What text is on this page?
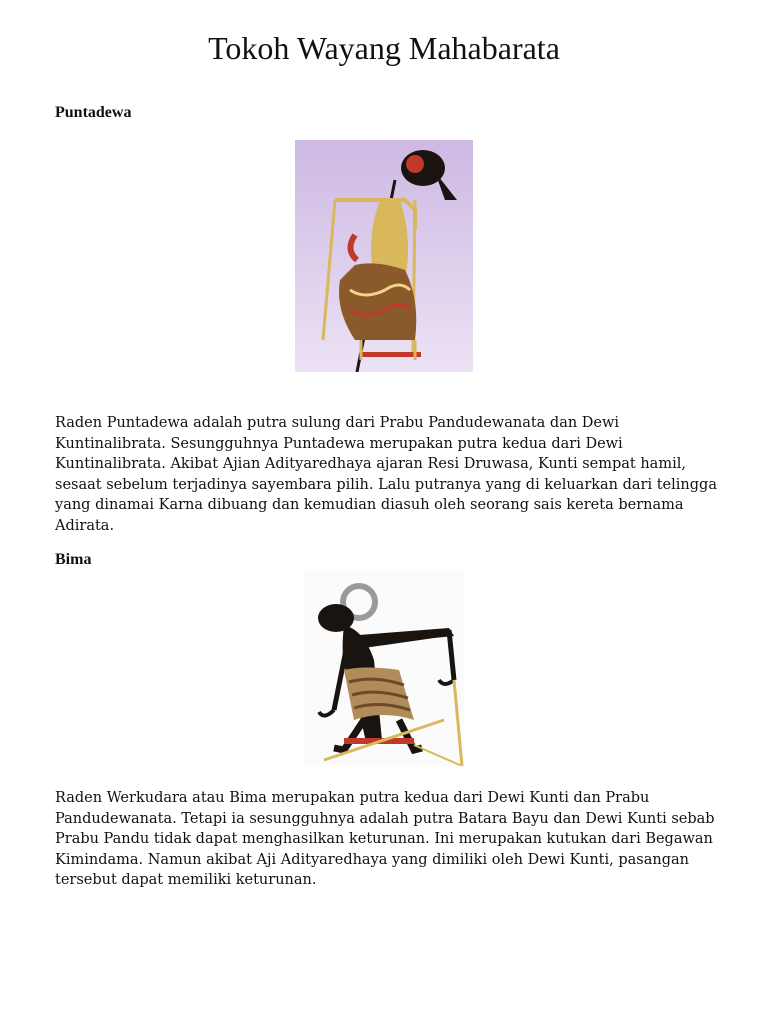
Tokoh Wayang Mahabarata
Puntadewa

Raden Puntadewa adalah putra sulung dari Prabu Pandudewanata dan Dewi Kuntinalibrata. Sesungguhnya Puntadewa merupakan putra kedua dari Dewi Kuntinalibrata. Akibat Ajian Adityaredhaya ajaran Resi Druwasa, Kunti sempat hamil, sesaat sebelum terjadinya sayembara pilih. Lalu putranya yang di keluarkan dari telingga yang dinamai Karna dibuang dan kemudian diasuh oleh seorang sais kereta bernama Adirata.

Bima

Raden Werkudara atau Bima merupakan putra kedua dari Dewi Kunti dan Prabu Pandudewanata. Tetapi ia sesungguhnya adalah putra Batara Bayu dan Dewi Kunti sebab Prabu Pandu tidak dapat menghasilkan keturunan. Ini merupakan kutukan dari Begawan Kimindama. Namun akibat Aji Adityaredhaya yang dimiliki oleh Dewi Kunti, pasangan tersebut dapat memiliki keturunan.
